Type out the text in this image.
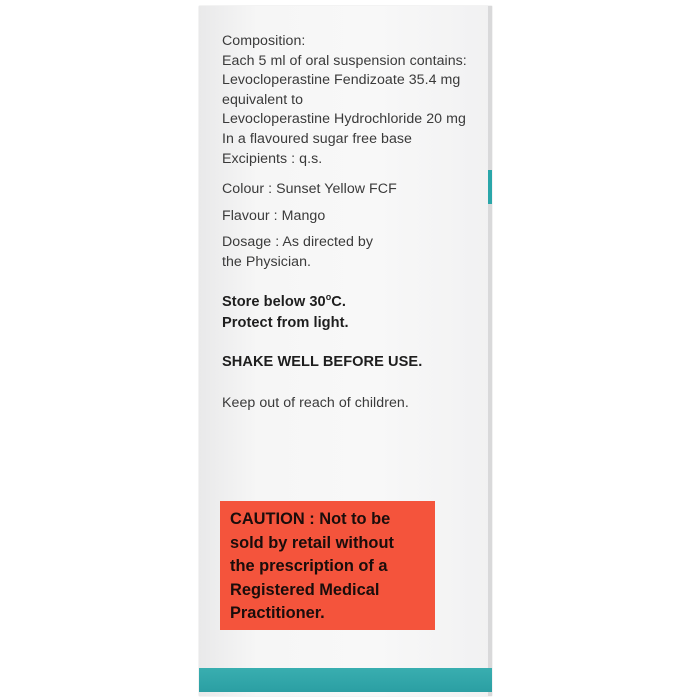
Composition:
Each 5 ml of oral suspension contains:
Levocloperastine Fendizoate 35.4 mg
equivalent to
Levocloperastine Hydrochloride 20 mg
In a flavoured sugar free base
Excipients : q.s.
Colour : Sunset Yellow FCF
Flavour : Mango
Dosage : As directed by
the Physician.
Store below 30$^o$C.
Protect from light.
SHAKE WELL BEFORE USE.
Keep out of reach of children.
CAUTION : Not to be
sold by retail without
the prescription of a
Registered Medical
Practitioner.
